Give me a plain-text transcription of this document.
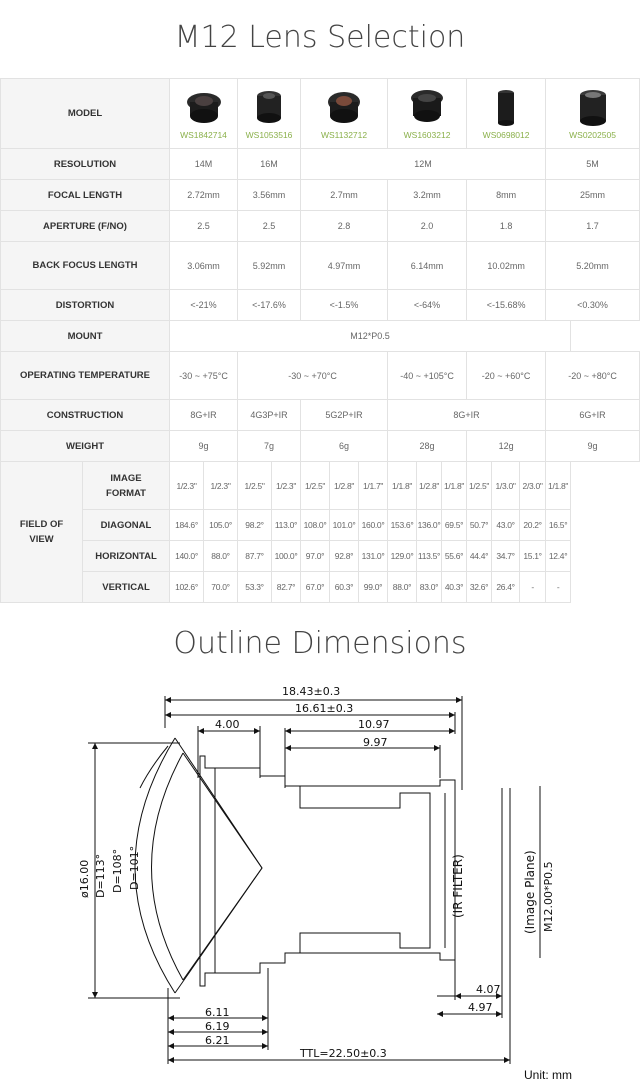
M12 Lens Selection
MODEL		WS1842714		WS1053516		WS1132712			WS1603212			WS0698012			WS0202505

RESOLUTION		14M		16M		12M									5M
FOCAL LENGTH		2.72mm		3.56mm		2.7mm			3.2mm			8mm			25mm
APERTURE (F/NO)		2.5		2.5		2.8			2.0			1.8			1.7
BACK FOCUS LENGTH		3.06mm		5.92mm		4.97mm			6.14mm			10.02mm			5.20mm
DISTORTION		<-21%		<-17.6%		<-1.5%			<-64%			<-15.68%			<0.30%
MOUNT		M12*P0.5													
OPERATING TEMPERATURE		-30 ~ +75°C		-30 ~ +70°C					-40 ~ +105°C			-20 ~ +60°C			-20 ~ +80°C
CONSTRUCTION		8G+IR		4G3P+IR		5G2P+IR			8G+IR						6G+IR
WEIGHT		9g		7g		6g			28g			12g			9g
FIELD OF VIEW	IMAGE FORMAT	1/2.3"	1/2.3"	1/2.5"	1/2.3"	1/2.5"	1/2.8"	1/1.7"	1/1.8"	1/2.8"	1/1.8"	1/2.5"	1/3.0"	2/3.0"	1/1.8"
	DIAGONAL	184.6°	105.0°	98.2°	113.0°	108.0°	101.0°	160.0°	153.6°	136.0°	69.5°	50.7°	43.0°	20.2°	16.5°
	HORIZONTAL	140.0°	88.0°	87.7°	100.0°	97.0°	92.8°	131.0°	129.0°	113.5°	55.6°	44.4°	34.7°	15.1°	12.4°
	VERTICAL	102.6°	70.0°	53.3°	82.7°	67.0°	60.3°	99.0°	88.0°	83.0°	40.3°	32.6°	26.4°	-	-
Outline Dimensions
18.43±0.3
16.61±0.3
4.00	10.97
9.97
4.07
4.97
6.11
6.19
6.21
TTL=22.50±0.3
ø16.00 D=113° D=108° D=101°	(IR FILTER)	(Image Plane) M12.00*P0.5
Unit: mm
